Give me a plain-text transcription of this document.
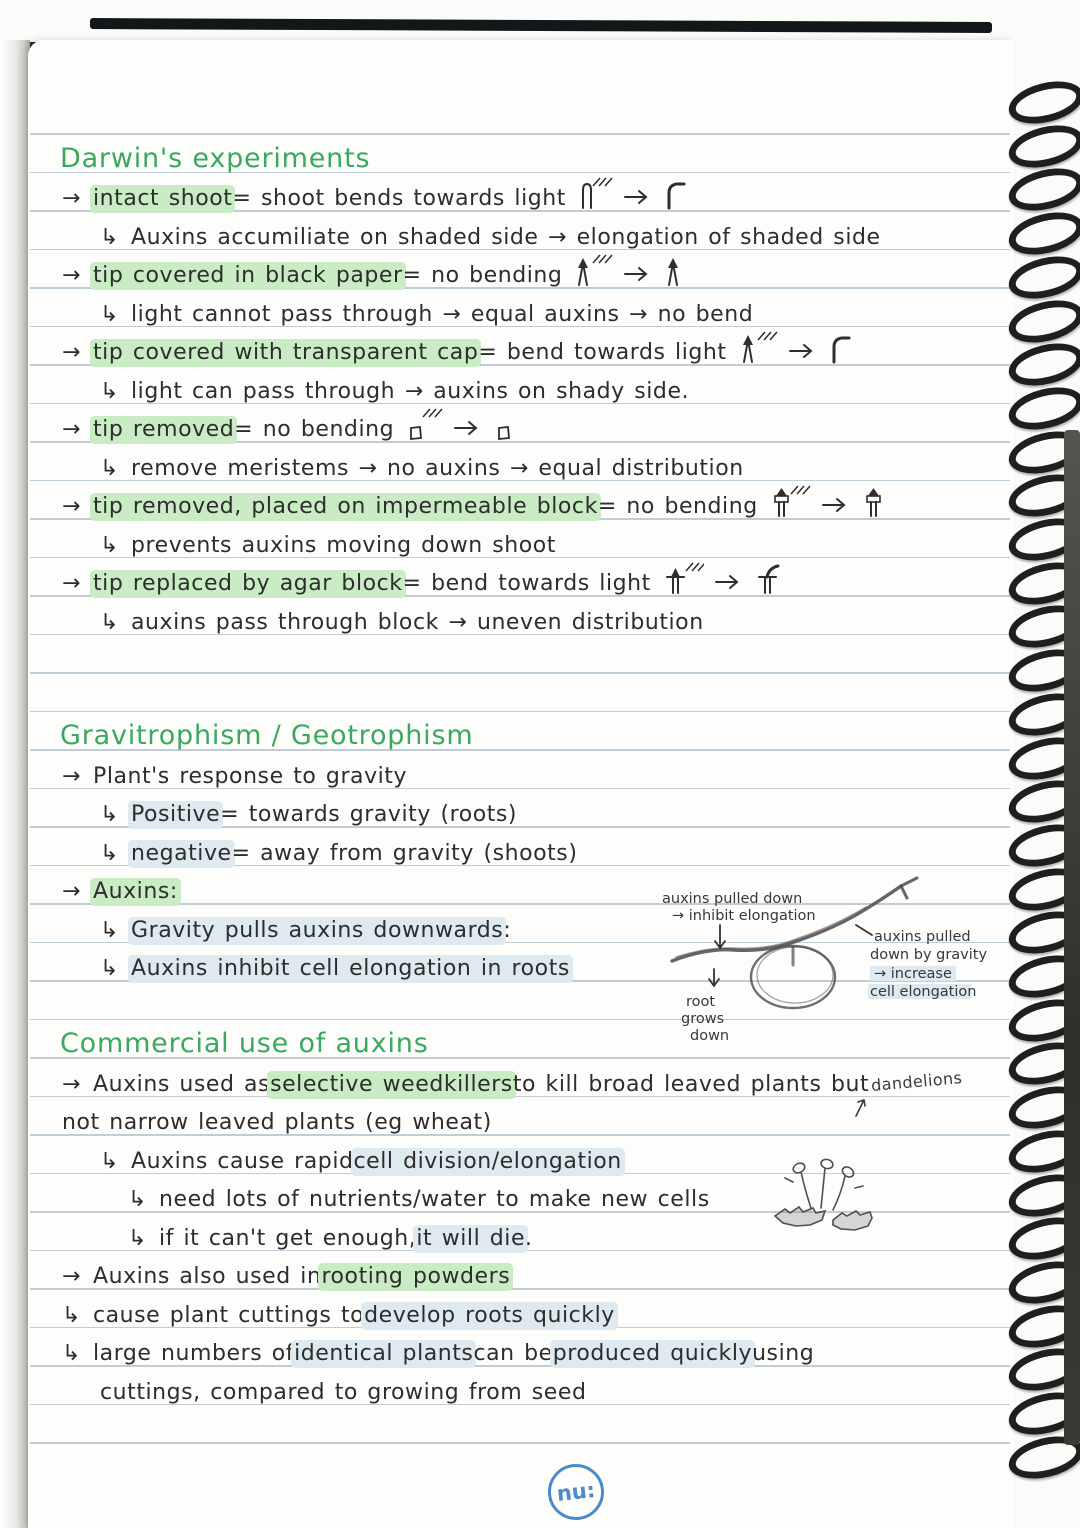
Darwin's experiments
→ intact shoot = shoot bends towards light
↳ Auxins accumiliate on shaded side → elongation of shaded side
→ tip covered in black paper = no bending
↳ light cannot pass through → equal auxins → no bend
→ tip covered with transparent cap = bend towards light
↳ light can pass through → auxins on shady side.
→ tip removed = no bending
↳ remove meristems → no auxins → equal distribution
→ tip removed, placed on impermeable block = no bending
↳ prevents auxins moving down shoot
→ tip replaced by agar block = bend towards light
↳ auxins pass through block → uneven distribution
Gravitrophism / Geotrophism
→ Plant's response to gravity
↳ Positive = towards gravity (roots)
↳ negative = away from gravity (shoots)
→ Auxins:
↳ Gravity pulls auxins downwards :
↳ Auxins inhibit cell elongation in roots
Commercial use of auxins
→ Auxins used as selective weedkillers to kill broad leaved plants but
not narrow leaved plants (eg wheat)
↳ Auxins cause rapid cell division/elongation
↳ need lots of nutrients/water to make new cells
↳ if it can't get enough, it will die .
→ Auxins also used in rooting powders
↳ cause plant cuttings to develop roots quickly
↳ large numbers of identical plants can be produced quickly using
cuttings, compared to growing from seed
auxins pulled down
→ inhibit elongation
auxins pulled
down by gravity
→ increase
cell elongation
root
grows
down
dandelions
nu:
